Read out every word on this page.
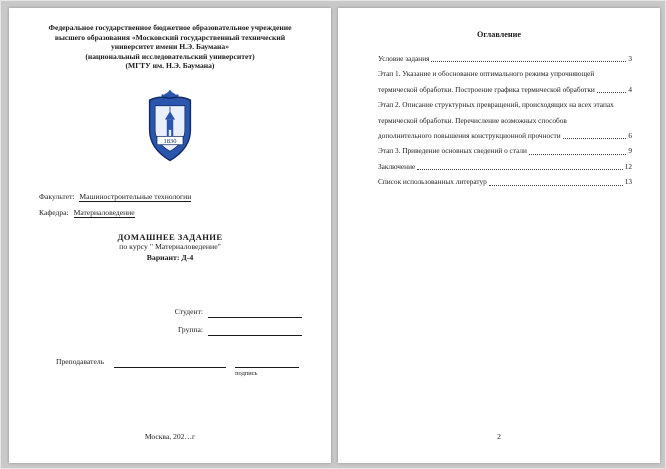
Федеральное государственное бюджетное образовательное учреждение
высшего образования «Московский государственный технический
университет имени Н.Э. Баумана»
(национальный исследовательский университет)
(МГТУ им. Н.Э. Баумана)
1830
Факультет: Машиностроительные технологии
Кафедра: Материаловедение
ДОМАШНЕЕ ЗАДАНИЕ
по курсу " Материаловедение"
Вариант: Д-4
Студент:
Группа:
Преподаватель
подпись
Москва, 202…г
Оглавление
Условие задания	3
Этап 1. Указание и обоснование оптимального режима упрочняющей
термической обработки. Построение графика термической обработки	4
Этап 2. Описание структурных превращений, происходящих на всех этапах
термической обработки. Перечисление возможных способов
дополнительного повышения конструкционной прочности	6
Этап 3. Приведение основных сведений о стали	9
Заключение	12
Список использованных литератур	13
2
